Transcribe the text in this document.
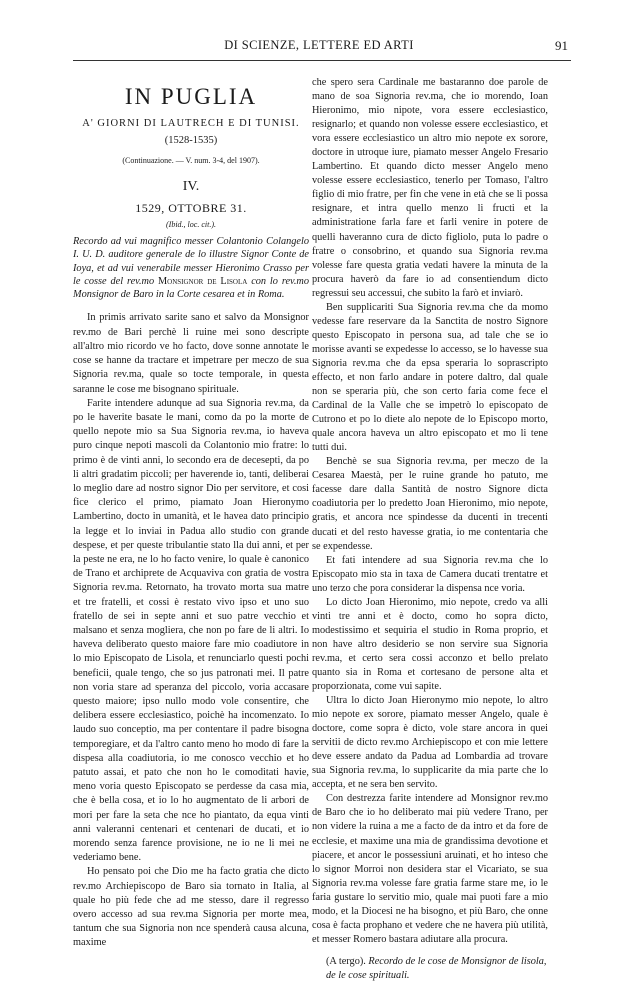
DI SCIENZE, LETTERE ED ARTI	91
IN PUGLIA
A' GIORNI DI LAUTRECH E DI TUNISI.
(1528-1535)
(Continuazione. — V. num. 3-4, del 1907).
IV.
1529, OTTOBRE 31.
(Ibid., loc. cit.).
Recordo ad vui magnifico messer Colantonio Colangelo I. U. D. auditore generale de lo illustre Signor Conte de Ioya, et ad vui venerabile messer Hieronimo Crasso per le cosse del rev.mo Monsignor de Lisola con lo rev.mo Monsignor de Baro in la Corte cesarea et in Roma.

In primis arrivato sarite sano et salvo da Monsignor rev.mo de Bari perchè li ruine mei sono descripte all'altro mio ricordo ve ho facto, dove sonne annotate le cose se hanne da tractare et impetrare per meczo de sua Signoria rev.ma, quale so tocte temporale, in questa saranne le cose me bisognano spirituale.

Farite intendere adunque ad sua Signoria rev.ma, da po le haverite basate le mani, como da po la morte de quello nepote mio sa Sua Signoria rev.ma, io haveva puro cinque nepoti mascoli da Colantonio mio fratre: lo primo è de vinti anni, lo secondo era de decesepti, da po li altri gradatim piccoli; per haverende io, tanti, deliberai lo meglio dare ad nostro signor Dio per servitore, et cosi fice clerico el primo, piamato Joan Hieronymo Lambertino, docto in umanità, et le havea dato principio la legge et lo inviai in Padua allo studio con grande despese, et per queste tribulantie stato lla dui anni, et per la peste ne era, ne lo ho facto venire, lo quale è canonico de Trano et archiprete de Acquaviva con gratia de vostra Signoria rev.ma. Retornato, ha trovato morta sua matre et tre fratelli, et cossi è restato vivo ipso et uno suo fratello de sei in septe anni et suo patre vecchio et malsano et senza mogliera, che non po fare de li altri. Io haveva deliberato questo maiore fare mio coadiutore in lo mio Episcopato de Lisola, et renunciarlo questi pochi beneficii, quale tengo, che so jus patronati mei. Il patre non voria stare ad speranza del piccolo, voria accasare questo maiore; ipso nullo modo vole consentire, che delibera essere ecclesiastico, poichè ha incomenzato. Io laudo suo conceptio, ma per contentare il padre bisogna temporegiare, et da l'altro canto meno ho modo di fare la dispesa alla coadiutoria, io me conosco vecchio et ho patuto assai, et pato che non ho le comoditati havie, meno voria questo Episcopato se perdesse da casa mia, che è bella cosa, et io lo ho augmentato de li arbori de mori per fare la seta che nce ho piantato, da equa vinti anni valeranni centenari et centenari de ducati, et io morendo senza farence provisione, ne io ne li mei ne vederiamo bene.

Ho pensato poi che Dio me ha facto gratia che dicto rev.mo Archiepiscopo de Baro sia tornato in Italia, al quale ho più fede che ad me stesso, dare il regresso overo accesso ad sua rev.ma Signoria per morte mea, tantum che sua Signoria non nce spenderà causa alcuna, maxime

che spero sera Cardinale me bastaranno doe parole de mano de soa Signoria rev.ma, che io morendo, Ioan Hieronimo, mio nipote, vora essere ecclesiastico, resignarlo; et quando non volesse essere ecclesiastico, et vora essere ecclesiastico un altro mio nepote ex sorore, doctore in utroque iure, piamato messer Angelo Fresario Lambertino. Et quando dicto messer Angelo meno volesse essere ecclesiastico, tenerlo per Tomaso, l'altro figlio di mio fratre, per fin che vene in età che se li possa resignare, et intra quello menzo li fructi et la administratione farla fare et farli venire in potere de quelli haveranno cura de dicto figliolo, puta lo padre o fratre o consobrino, et quando sua Signoria rev.ma volesse fare questa gratia vedati havere la minuta de la procura haverò da fare io ad consentiendum dicto regressui seu accessui, che subito la farò et inviarò.

Ben supplicariti Sua Signoria rev.ma che da momo vedesse fare reservare da la Sanctita de nostro Signore questo Episcopato in persona sua, ad tale che se io morisse avanti se expedesse lo accesso, se lo havesse sua Signoria rev.ma che da epsa speraria lo soprascripto effecto, et non farlo andare in potere daltro, dal quale non se speraria più, che son certo faria come fece el Cardinal de la Valle che se impetrò lo episcopato de Cutrono et po lo diete alo nepote de lo Episcopo morto, quale ancora haveva un altro episcopato et mo li tene tutti dui.

Benchè se sua Signoria rev.ma, per meczo de la Cesarea Maestà, per le ruine grande ho patuto, me facesse dare dalla Santità de nostro Signore dicta coadiutoria per lo predetto Joan Hieronimo, mio nepote, gratis, et ancora nce spindesse da ducenti in trecenti ducati et del resto havesse gratia, io me contentaria che se expendesse.

Et fati intendere ad sua Signoria rev.ma che lo Episcopato mio sta in taxa de Camera ducati trentatre et uno terzo che pora considerar la dispensa nce voria.

Lo dicto Joan Hieronimo, mio nepote, credo va alli vinti tre anni et è docto, como ho sopra dicto, modestissimo et sequiria el studio in Roma proprio, et non have altro desiderio se non servire sua Signoria rev.ma, et certo sera cossi acconzo et bello prelato quanto sia in Roma et cortesano de persone alta et proporzionata, come vui sapite.

Ultra lo dicto Joan Hieronymo mio nepote, lo altro mio nepote ex sorore, piamato messer Angelo, quale è doctore, come sopra è dicto, vole stare ancora in quei servitii de dicto rev.mo Archiepiscopo et con mie lettere deve essere andato da Padua ad Lombardia ad trovare sua Signoria rev.ma, lo supplicarite da mia parte che lo accepta, et ne sera ben servito.

Con destrezza farite intendere ad Monsignor rev.mo de Baro che io ho deliberato mai più vedere Trano, per non videre la ruina a me a facto de da intro et da fore de ecclesie, et maxime una mia de grandissima devotione et piacere, et ancor le possessiuni aruinati, et ho inteso che lo signor Morroi non desidera star el Vicariato, se sua Signoria rev.ma volesse fare gratia farme stare me, io le faria gustare lo servitio mio, quale mai puoti fare a mio modo, et la Diocesi ne ha bisogno, et più Baro, che onne cosa è facta prophano et vedere che ne havera più utilità, et messer Romero bastara adiutare alla procura.

(A tergo). Recordo de le cose de Monsignor de lisola, de le cose spirituali.
